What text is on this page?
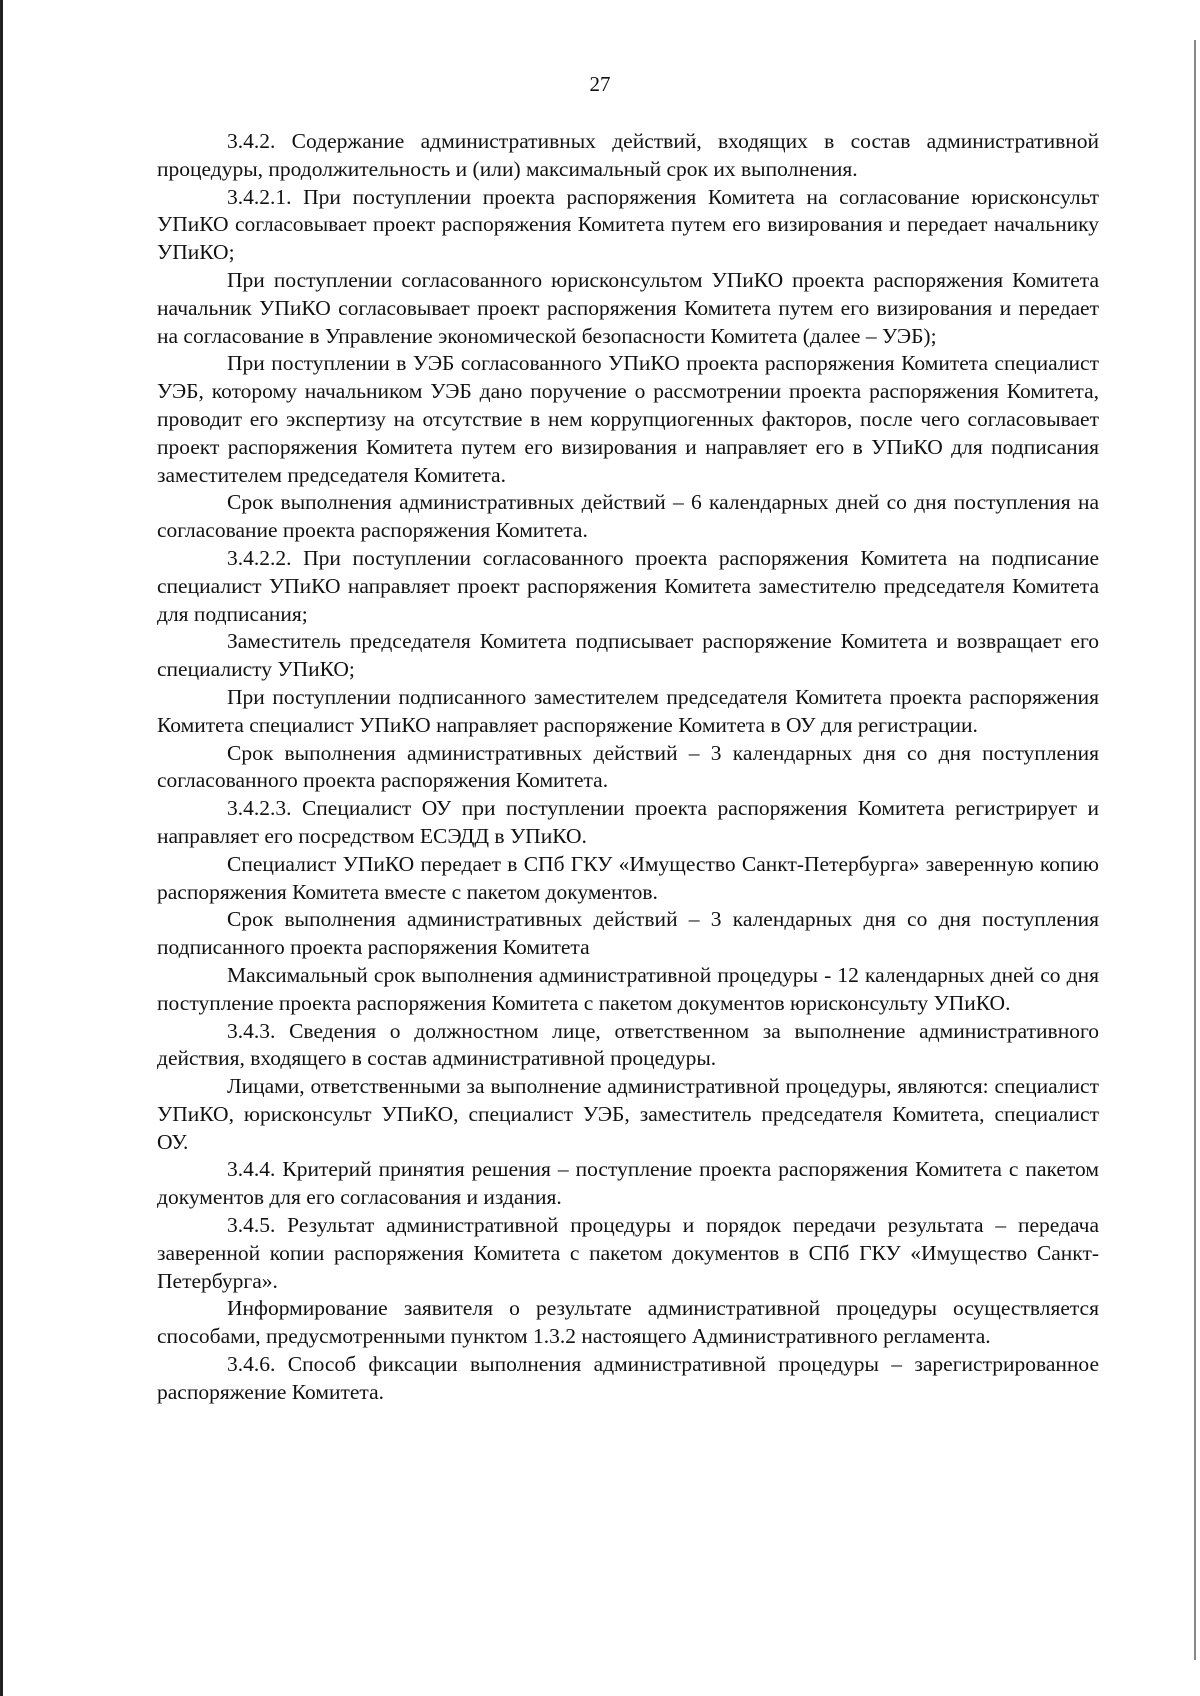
27

3.4.2. Содержание административных действий, входящих в состав административной процедуры, продолжительность и (или) максимальный срок их выполнения.

3.4.2.1. При поступлении проекта распоряжения Комитета на согласование юрисконсульт УПиКО согласовывает проект распоряжения Комитета путем его визирования и передает начальнику УПиКО;

При поступлении согласованного юрисконсультом УПиКО проекта распоряжения Комитета начальник УПиКО согласовывает проект распоряжения Комитета путем его визирования и передает на согласование в Управление экономической безопасности Комитета (далее – УЭБ);

При поступлении в УЭБ согласованного УПиКО проекта распоряжения Комитета специалист УЭБ, которому начальником УЭБ дано поручение о рассмотрении проекта распоряжения Комитета, проводит его экспертизу на отсутствие в нем коррупциогенных факторов, после чего согласовывает проект распоряжения Комитета путем его визирования и направляет его в УПиКО для подписания заместителем председателя Комитета.

Срок выполнения административных действий – 6 календарных дней со дня поступления на согласование проекта распоряжения Комитета.

3.4.2.2. При поступлении согласованного проекта распоряжения Комитета на подписание специалист УПиКО направляет проект распоряжения Комитета заместителю председателя Комитета для подписания;

Заместитель председателя Комитета подписывает распоряжение Комитета и возвращает его специалисту УПиКО;

При поступлении подписанного заместителем председателя Комитета проекта распоряжения Комитета специалист УПиКО направляет распоряжение Комитета в ОУ для регистрации.

Срок выполнения административных действий – 3 календарных дня со дня поступления согласованного проекта распоряжения Комитета.

3.4.2.3. Специалист ОУ при поступлении проекта распоряжения Комитета регистрирует и направляет его посредством ЕСЭДД в УПиКО.

Специалист УПиКО передает в СПб ГКУ «Имущество Санкт-Петербурга» заверенную копию распоряжения Комитета вместе с пакетом документов.

Срок выполнения административных действий – 3 календарных дня со дня поступления подписанного проекта распоряжения Комитета

Максимальный срок выполнения административной процедуры - 12 календарных дней со дня поступление проекта распоряжения Комитета с пакетом документов юрисконсульту УПиКО.

3.4.3. Сведения о должностном лице, ответственном за выполнение административного действия, входящего в состав административной процедуры.

Лицами, ответственными за выполнение административной процедуры, являются: специалист УПиКО, юрисконсульт УПиКО, специалист УЭБ, заместитель председателя Комитета, специалист ОУ.

3.4.4. Критерий принятия решения – поступление проекта распоряжения Комитета с пакетом документов для его согласования и издания.

3.4.5. Результат административной процедуры и порядок передачи результата – передача заверенной копии распоряжения Комитета с пакетом документов в СПб ГКУ «Имущество Санкт-Петербурга».

Информирование заявителя о результате административной процедуры осуществляется способами, предусмотренными пунктом 1.3.2 настоящего Административного регламента.

3.4.6. Способ фиксации выполнения административной процедуры – зарегистрированное распоряжение Комитета.
